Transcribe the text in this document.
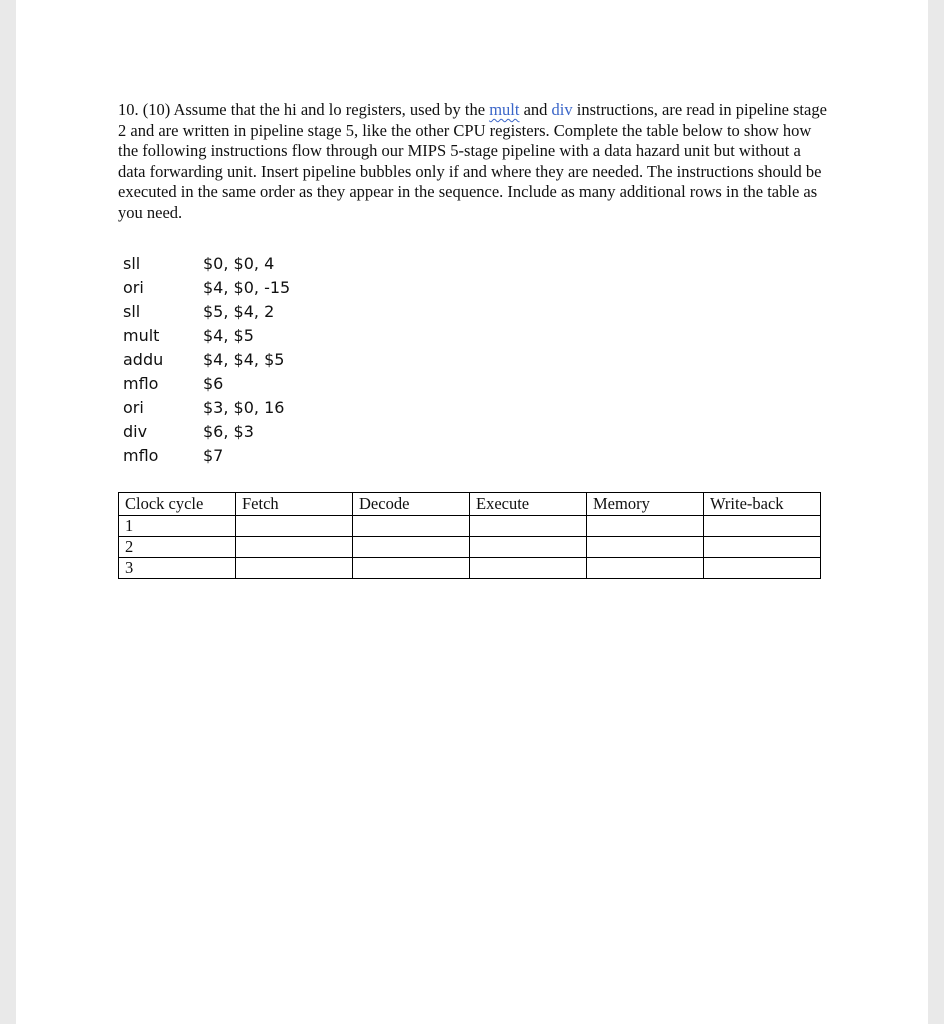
10. (10) Assume that the hi and lo registers, used by the mult and div instructions, are read in pipeline stage 2 and are written in pipeline stage 5, like the other CPU registers. Complete the table below to show how the following instructions flow through our MIPS 5-stage pipeline with a data hazard unit but without a data forwarding unit. Insert pipeline bubbles only if and where they are needed. The instructions should be executed in the same order as they appear in the sequence. Include as many additional rows in the table as you need.
sll	$0, $0, 4
ori	$4, $0, -15
sll	$5, $4, 2
mult	$4, $5
addu	$4, $4, $5
mflo	$6
ori	$3, $0, 16
div	$6, $3
mflo	$7
Clock cycle	Fetch	Decode	Execute	Memory	Write-back
1					
2					
3					
